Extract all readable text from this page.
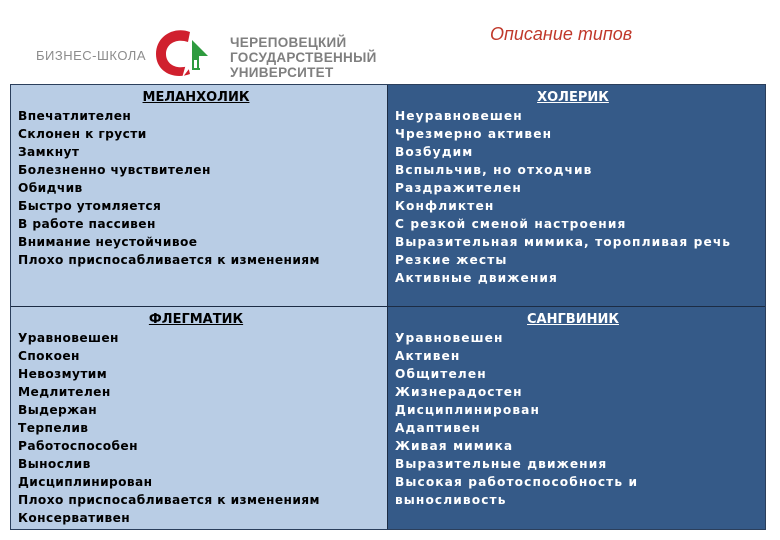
БИЗНЕС-ШКОЛА
ЧЕРЕПОВЕЦКИЙ
ГОСУДАРСТВЕННЫЙ
УНИВЕРСИТЕТ
Описание типов
МЕЛАНХОЛИК
Впечатлителен
Склонен к грусти
Замкнут
Болезненно чувствителен
Обидчив
Быстро утомляется
В работе пассивен
Внимание неустойчивое
Плохо приспосабливается к изменениям
ХОЛЕРИК
Неуравновешен
Чрезмерно активен
Возбудим
Вспыльчив, но отходчив
Раздражителен
Конфликтен
С резкой сменой настроения
Выразительная мимика, торопливая речь
Резкие жесты
Активные движения
ФЛЕГМАТИК
Уравновешен
Спокоен
Невозмутим
Медлителен
Выдержан
Терпелив
Работоспособен
Вынослив
Дисциплинирован
Плохо приспосабливается к изменениям
Консервативен
САНГВИНИК
Уравновешен
Активен
Общителен
Жизнерадостен
Дисциплинирован
Адаптивен
Живая мимика
Выразительные движения
Высокая работоспособность и
выносливость
